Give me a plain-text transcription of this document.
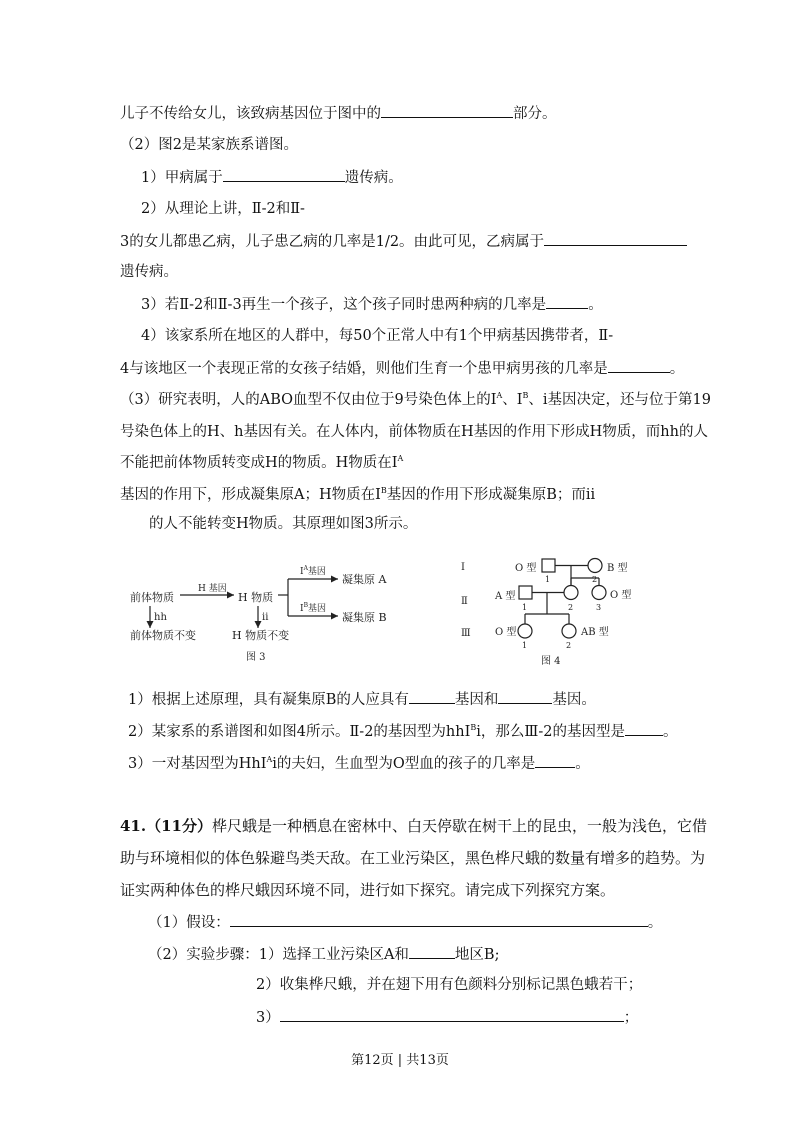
儿子不传给女儿，该致病基因位于图中的	部分。
（2）图2是某家族系谱图。
1）甲病属于	遗传病。
2）从理论上讲，Ⅱ-2和Ⅱ-
3的女儿都患乙病，儿子患乙病的几率是1/2。由此可见，乙病属于
遗传病。
3）若Ⅱ-2和Ⅱ-3再生一个孩子，这个孩子同时患两种病的几率是	。
4）该家系所在地区的人群中，每50个正常人中有1个甲病基因携带者，Ⅱ-
4与该地区一个表现正常的女孩子结婚，则他们生育一个患甲病男孩的几率是	。
（3）研究表明，人的ABO血型不仅由位于9号染色体上的$I^A$、$I^B$、i基因决定，还与位于第19
号染色体上的H、h基因有关。在人体内，前体物质在H基因的作用下形成H物质，而hh的人
不能把前体物质转变成H的物质。H物质在$I^A$
基因的作用下，形成凝集原A；H物质在$I^B$基因的作用下形成凝集原B；而ii
的人不能转变H物质。其原理如图3所示。
前体物质
H 基因
H 物质
hh
前体物质不变
ii
H 物质不变
$I^A$基因
$I^B$基因
凝集原 A
凝集原 B
图 3
Ⅰ
Ⅱ
Ⅲ
O 型	B 型
1	2
A 型	O 型
1	2	3
O 型	AB 型
1	2
图 4
1）根据上述原理，具有凝集原B的人应具有	基因和	基因。
2）某家系的系谱图和如图4所示。Ⅱ-2的基因型为hhI$^B$i，那么Ⅲ-2的基因型是	。
3）一对基因型为HhI$^A$i的夫妇，生血型为O型血的孩子的几率是	。
41.（11分）桦尺蛾是一种栖息在密林中、白天停歇在树干上的昆虫，一般为浅色，它借
助与环境相似的体色躲避鸟类天敌。在工业污染区，黑色桦尺蛾的数量有增多的趋势。为
证实两种体色的桦尺蛾因环境不同，进行如下探究。请完成下列探究方案。
（1）假设：	。
（2）实验步骤：1）选择工业污染区A和	地区B;
2）收集桦尺蛾，并在翅下用有色颜料分别标记黑色蛾若干；
3）	；
第12页 | 共13页
